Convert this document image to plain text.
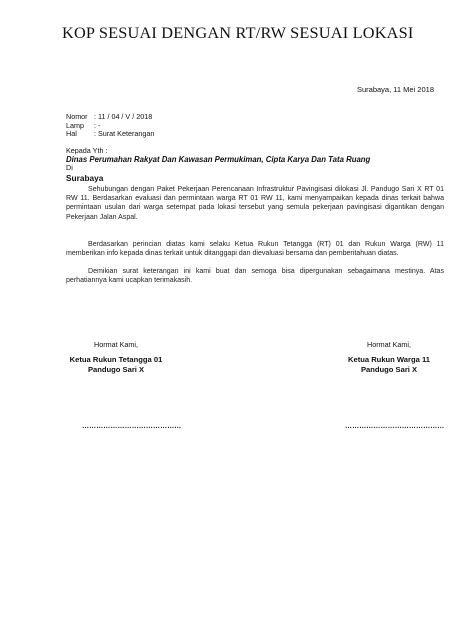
KOP SESUAI DENGAN RT/RW SESUAI LOKASI
Surabaya, 11 Mei 2018
Nomor : 11 / 04 / V / 2018
Lamp	: -
Hal	: Surat Keterangan
Kepada Yth :
Dinas Perumahan Rakyat Dan Kawasan Permukiman, Cipta Karya Dan Tata Ruang
Di
Surabaya
Sehubungan dengan Paket Pekerjaan Perencanaan Infrastruktur Pavingisasi dilokasi Jl. Pandugo Sari X RT 01 RW 11. Berdasarkan evaluasi dan permintaan warga RT 01 RW 11, kami menyampaikan kepada dinas terkait bahwa permintaan usulan dari warga setempat pada lokasi tersebut yang semula pekerjaan pavingisasi digantikan dengan Pekerjaan Jalan Aspal.
Berdasarkan perincian diatas kami selaku Ketua Rukun Tetangga (RT) 01 dan Rukun Warga (RW) 11 memberikan info kepada dinas terkait untuk ditanggapi dan dievaluasi bersama dan pemberitahuan diatas.
Demikian surat keterangan ini kami buat dan semoga bisa dipergunakan sebagaimana mestinya. Atas perhatiannya kami ucapkan terimakasih.
Hormat Kami,
Ketua Rukun Tetangga 01
Pandugo Sari X
Hormat Kami,
Ketua Rukun Warga 11
Pandugo Sari X
……………………………………	……………………………………
